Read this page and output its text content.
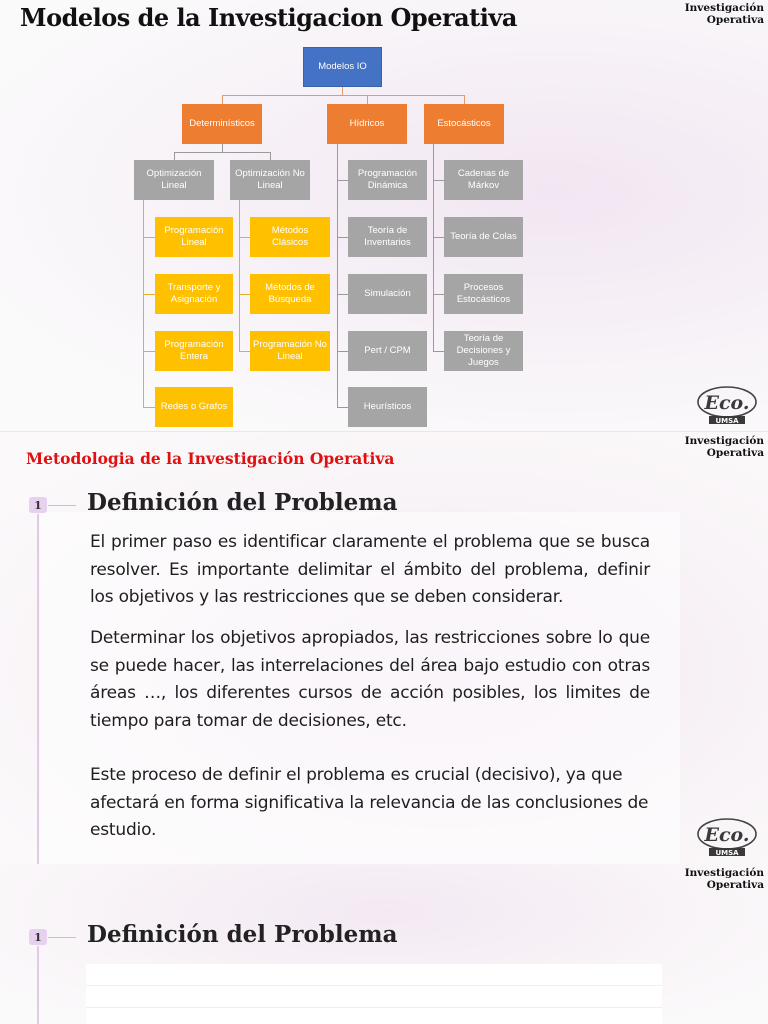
Modelos de la Investigacion Operativa	Investigación
Operativa
Modelos IO
Determinísticos	Hídricos	Estocásticos
Optimización Lineal
Optimización No Lineal
Programación Lineal
Transporte y Asignación
Programación Entera
Redes o Grafos
Métodos Clásicos
Métodos de Búsqueda
Programación No Lineal
Programación Dinámica
Teoría de Inventarios
Simulación
Pert / CPM
Heurísticos
Cadenas de Márkov
Teoría de Colas
Procesos Estocásticos
Teoría de Decisiones y Juegos
Eco.
UMSA
Metodologia de la Investigación Operativa
Investigación
Operativa
1 Definición del Problema

El primer paso es identificar claramente el problema que se busca resolver. Es importante delimitar el ámbito del problema, definir los objetivos y las restricciones que se deben considerar.

Determinar los objetivos apropiados, las restricciones sobre lo que se puede hacer, las interrelaciones del área bajo estudio con otras áreas …, los diferentes cursos de acción posibles, los limites de tiempo para tomar de decisiones, etc.

Este proceso de definir el problema es crucial (decisivo), ya que afectará en forma significativa la relevancia de las conclusiones de estudio.	Eco.
UMSA
Investigación
Operativa
1 Definición del Problema
